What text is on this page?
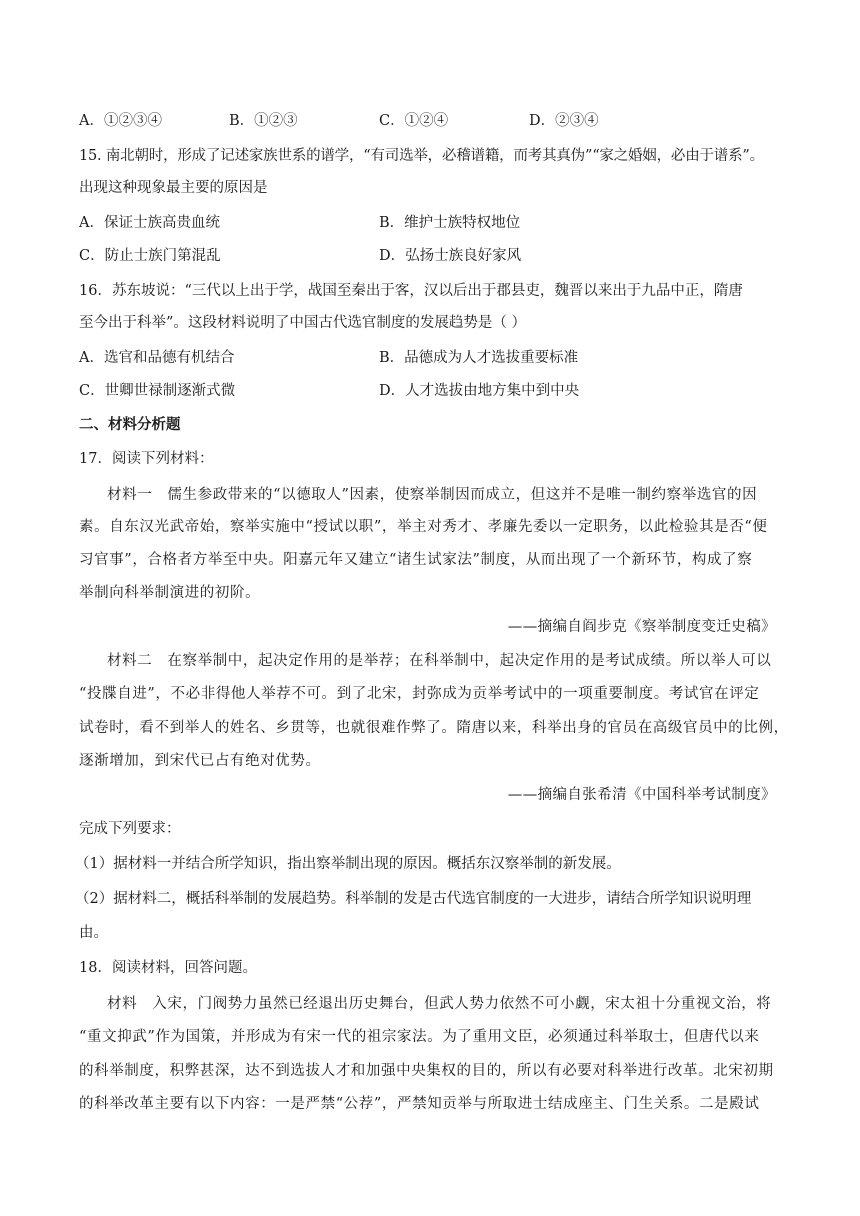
A．①②③④	B．①②③	C．①②④	D．②③④
15. 南北朝时，形成了记述家族世系的谱学，“有司选举，必稽谱籍，而考其真伪”“家之婚姻，必由于谱系”。
出现这种现象最主要的原因是
A．保证士族高贵血统	B．维护士族特权地位
C．防止士族门第混乱	D．弘扬士族良好家风
16．苏东坡说：“三代以上出于学，战国至秦出于客，汉以后出于郡县吏，魏晋以来出于九品中正，隋唐
至今出于科举”。这段材料说明了中国古代选官制度的发展趋势是（ ）
A．选官和品德有机结合	B．品德成为人才选拔重要标准
C．世卿世禄制逐渐式微	D．人才选拔由地方集中到中央
二、材料分析题
17．阅读下列材料：
材料一　儒生参政带来的“以德取人”因素，使察举制因而成立，但这并不是唯一制约察举选官的因
素。自东汉光武帝始，察举实施中“授试以职”，举主对秀才、孝廉先委以一定职务，以此检验其是否“便
习官事”，合格者方举至中央。阳嘉元年又建立“诸生试家法”制度，从而出现了一个新环节，构成了察
举制向科举制演进的初阶。
——摘编自阎步克《察举制度变迁史稿》
材料二　在察举制中，起决定作用的是举荐；在科举制中，起决定作用的是考试成绩。所以举人可以
“投牒自进”，不必非得他人举荐不可。到了北宋，封弥成为贡举考试中的一项重要制度。考试官在评定
试卷时，看不到举人的姓名、乡贯等，也就很难作弊了。隋唐以来，科举出身的官员在高级官员中的比例，
逐渐增加，到宋代已占有绝对优势。
——摘编自张希清《中国科举考试制度》
完成下列要求：
（1）据材料一并结合所学知识，指出察举制出现的原因。概括东汉察举制的新发展。
（2）据材料二，概括科举制的发展趋势。科举制的发是古代选官制度的一大进步，请结合所学知识说明理
由。
18．阅读材料，回答问题。
材料　入宋，门阀势力虽然已经退出历史舞台，但武人势力依然不可小觑，宋太祖十分重视文治，将
“重文抑武”作为国策，并形成为有宋一代的祖宗家法。为了重用文臣，必须通过科举取士，但唐代以来
的科举制度，积弊甚深，达不到选拔人才和加强中央集权的目的，所以有必要对科举进行改革。北宋初期
的科举改革主要有以下内容：一是严禁“公荐”，严禁知贡举与所取进士结成座主、门生关系。二是殿试
